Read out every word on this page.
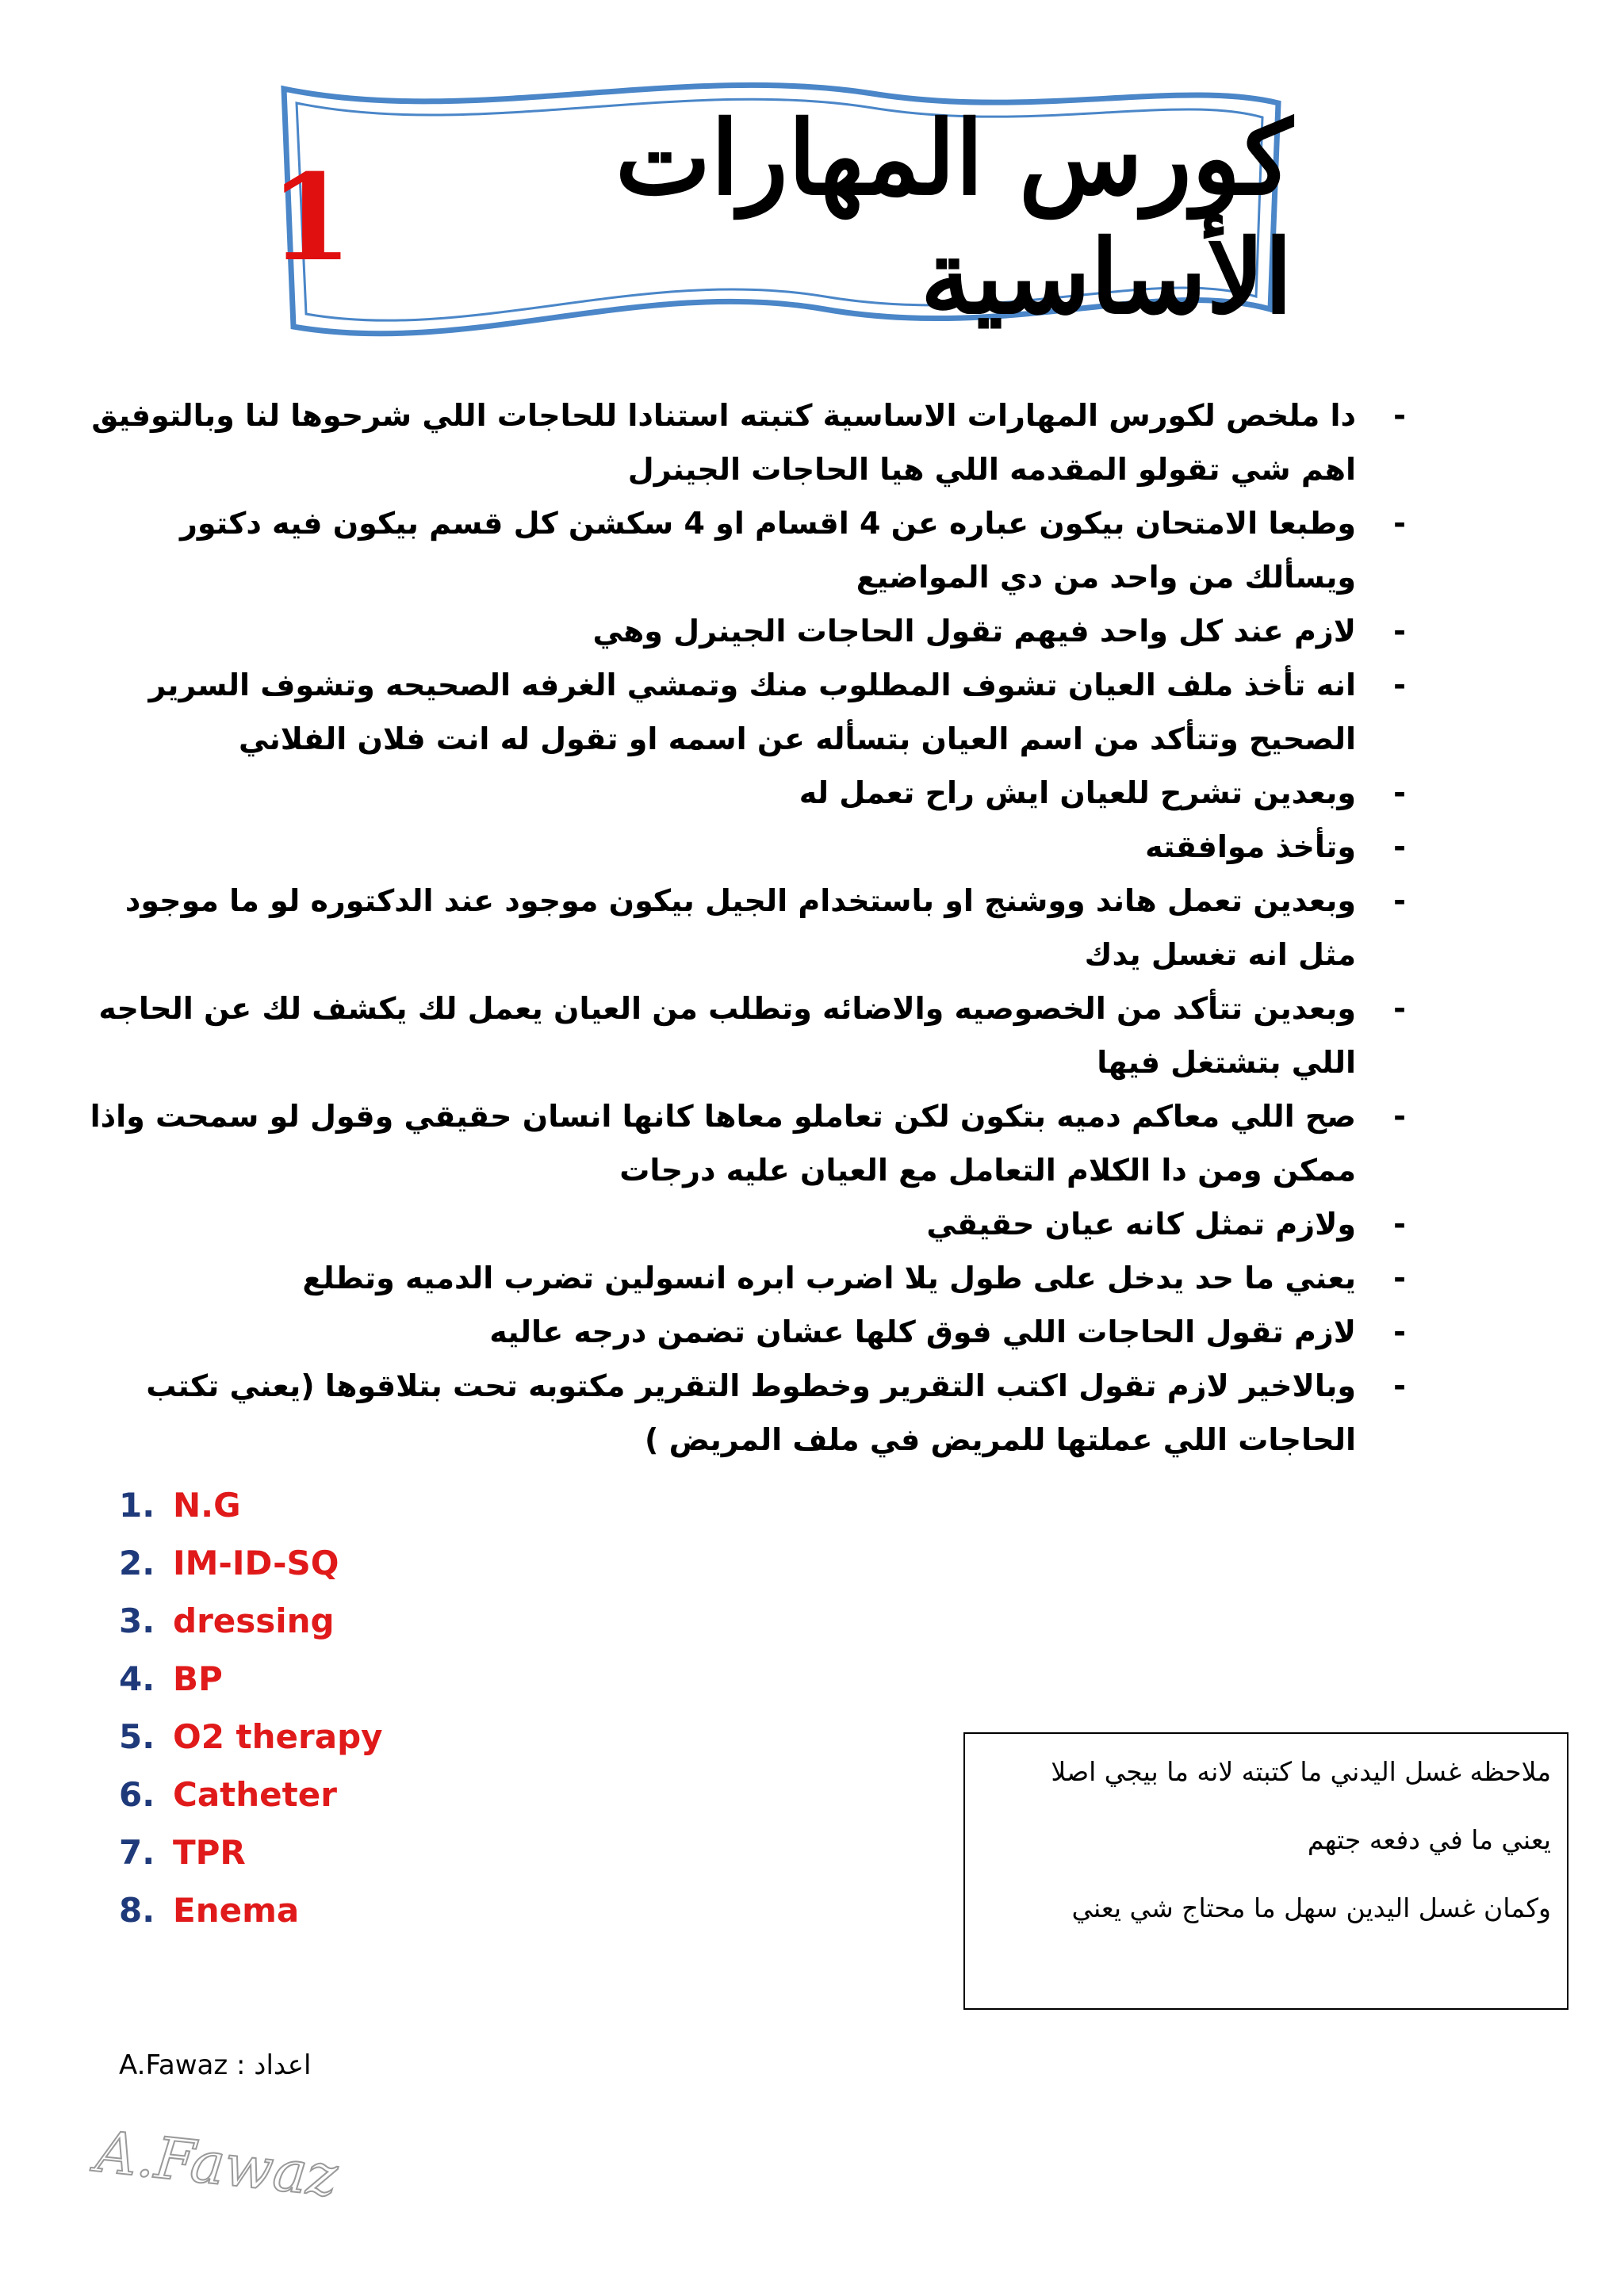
كورس المهارات الأساسية
1
-
دا ملخص لكورس المهارات الاساسية كتبته استنادا للحاجات اللي شرحوها لنا وبالتوفيق اهم شي تقولو المقدمه اللي هيا الحاجات الجينرل
-
وطبعا الامتحان بيكون عباره عن 4 اقسام او 4 سكشن كل قسم بيكون فيه دكتور ويسألك من واحد من دي المواضيع
-
لازم عند كل واحد فيهم تقول الحاجات الجينرل وهي
-
انه تأخذ ملف العيان تشوف المطلوب منك وتمشي الغرفه الصحيحه وتشوف السرير الصحيح وتتأكد من اسم العيان بتسأله عن اسمه او تقول له انت فلان الفلاني
-
وبعدين تشرح للعيان ايش راح تعمل له
-
وتأخذ موافقته
-
وبعدين تعمل هاند ووشنج او باستخدام الجيل بيكون موجود عند الدكتوره لو ما موجود مثل انه تغسل يدك
-
وبعدين تتأكد من الخصوصيه والاضائه وتطلب من العيان يعمل لك يكشف لك عن الحاجه اللي بتشتغل فيها
-
صح اللي معاكم دميه بتكون لكن تعاملو معاها كانها انسان حقيقي وقول لو سمحت واذا ممكن ومن دا الكلام التعامل مع العيان عليه درجات
-
ولازم تمثل كانه عيان حقيقي
-
يعني ما حد يدخل على طول يلا اضرب ابره انسولين تضرب الدميه وتطلع
-
لازم تقول الحاجات اللي فوق كلها عشان تضمن درجه عاليه
-
وبالاخير لازم تقول اكتب التقرير وخطوط التقرير مكتوبه تحت بتلاقوها (يعني تكتب الحاجات اللي عملتها للمريض في ملف المريض )
1. N.G
2. IM-ID-SQ
3. dressing
4. BP
5. O2 therapy
6. Catheter
7. TPR
8. Enema

ملاحظه غسل اليدني ما كتبته لانه ما بيجي اصلا

يعني ما في دفعه جتهم

وكمان غسل اليدين سهل ما محتاج شي يعني

A.Fawaz اعداد :
A.Fawaz
